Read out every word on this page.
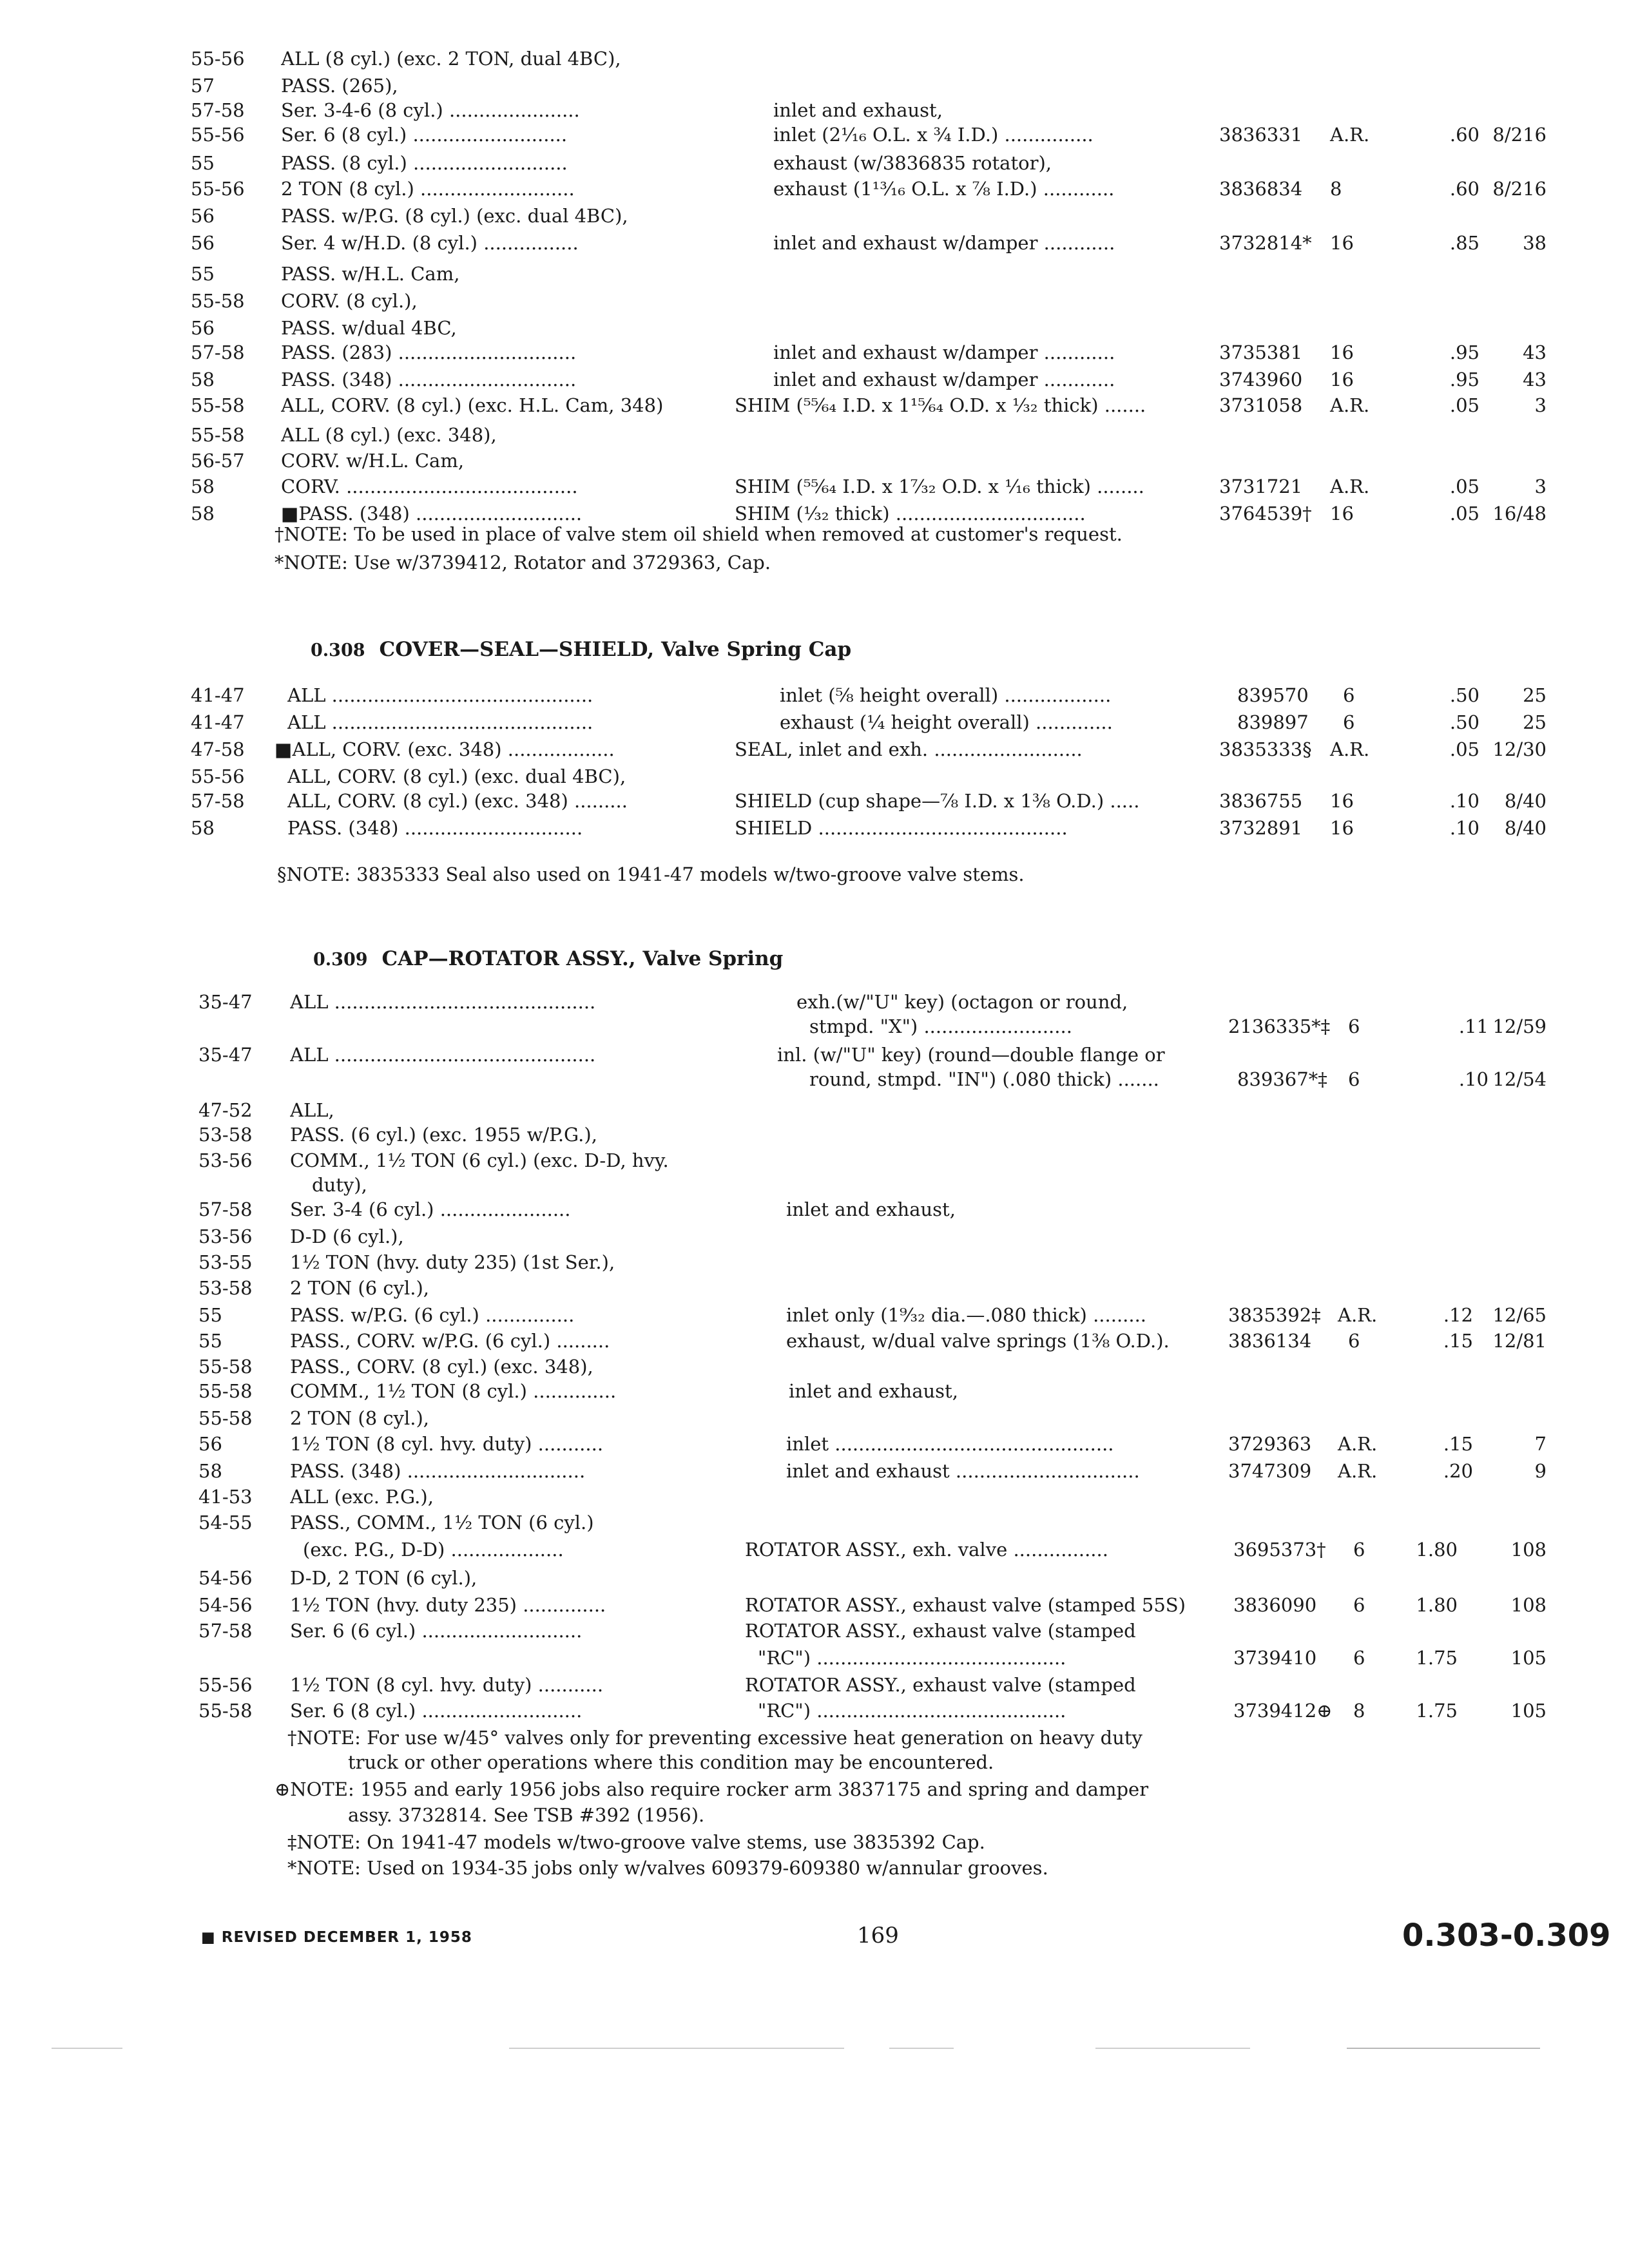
55-56 ALL (8 cyl.) (exc. 2 TON, dual 4BC),
57	PASS. (265),
57-58 Ser. 3-4-6 (8 cyl.) ......................	inlet and exhaust,
55-56 Ser. 6 (8 cyl.) ..........................	inlet (2¹⁄₁₆ O.L. x ¾ I.D.) ...............	3836331 A.R.	.60 8/216
55	PASS. (8 cyl.) ..........................	exhaust (w/3836835 rotator),
55-56 2 TON (8 cyl.) ..........................	exhaust (1¹³⁄₁₆ O.L. x ⅞ I.D.) ............	3836834 8	.60 8/216
56	PASS. w/P.G. (8 cyl.) (exc. dual 4BC),
56	Ser. 4 w/H.D. (8 cyl.) ................	inlet and exhaust w/damper ............	3732814* 16	.85	38
55	PASS. w/H.L. Cam,
55-58 CORV. (8 cyl.),
56	PASS. w/dual 4BC,
57-58 PASS. (283) ..............................	inlet and exhaust w/damper ............	3735381 16	.95	43
58	PASS. (348) ..............................	inlet and exhaust w/damper ............	3743960 16	.95	43
55-58 ALL, CORV. (8 cyl.) (exc. H.L. Cam, 348)	SHIM (⁵⁵⁄₆₄ I.D. x 1¹⁵⁄₆₄ O.D. x ¹⁄₃₂ thick) .......	3731058 A.R.	.05	3
55-58 ALL (8 cyl.) (exc. 348),
56-57 CORV. w/H.L. Cam,
58	CORV. .......................................	SHIM (⁵⁵⁄₆₄ I.D. x 1⁷⁄₃₂ O.D. x ¹⁄₁₆ thick) ........	3731721 A.R.	.05	3
58	■PASS. (348) ............................	SHIM (¹⁄₃₂ thick) ................................	3764539† 16	.05 16/48
†NOTE: To be used in place of valve stem oil shield when removed at customer's request.
*NOTE: Use w/3739412, Rotator and 3729363, Cap.
0.308 COVER—SEAL—SHIELD, Valve Spring Cap
41-47 ALL ............................................	inlet (⅝ height overall) ..................	839570 6	.50	25
41-47 ALL ............................................	exhaust (¼ height overall) .............	839897 6	.50	25
47-58 ■ALL, CORV. (exc. 348) ..................	SEAL, inlet and exh. .........................	3835333§ A.R.	.05 12/30
55-56 ALL, CORV. (8 cyl.) (exc. dual 4BC),
57-58 ALL, CORV. (8 cyl.) (exc. 348) .........	SHIELD (cup shape—⅞ I.D. x 1⅜ O.D.) .....	3836755 16	.10	8/40
58	PASS. (348) ..............................	SHIELD ..........................................	3732891 16	.10	8/40
§NOTE: 3835333 Seal also used on 1941-47 models w/two-groove valve stems.
0.309 CAP—ROTATOR ASSY., Valve Spring
35-47 ALL ............................................	exh.(w/"U" key) (octagon or round,
stmpd. "X") .........................	2136335*‡ 6	.11 12/59
35-47 ALL ............................................	inl. (w/"U" key) (round—double flange or
round, stmpd. "IN") (.080 thick) .......	839367*‡ 6	.10 12/54
47-52 ALL,
53-58 PASS. (6 cyl.) (exc. 1955 w/P.G.),
53-56 COMM., 1½ TON (6 cyl.) (exc. D-D, hvy.
duty),
57-58 Ser. 3-4 (6 cyl.) ......................	inlet and exhaust,
53-56 D-D (6 cyl.),
53-55 1½ TON (hvy. duty 235) (1st Ser.),
53-58 2 TON (6 cyl.),
55	PASS. w/P.G. (6 cyl.) ...............	inlet only (1⁹⁄₃₂ dia.—.080 thick) .........	3835392‡ A.R.	.12	12/65
55	PASS., CORV. w/P.G. (6 cyl.) .........	exhaust, w/dual valve springs (1⅜ O.D.).	3836134 6	.15	12/81
55-58 PASS., CORV. (8 cyl.) (exc. 348),
55-58 COMM., 1½ TON (8 cyl.) ..............	inlet and exhaust,
55-58 2 TON (8 cyl.),
56	1½ TON (8 cyl. hvy. duty) ...........	inlet ...............................................	3729363 A.R.	.15	7
58	PASS. (348) ..............................	inlet and exhaust ...............................	3747309 A.R.	.20	9
41-53 ALL (exc. P.G.),
54-55 PASS., COMM., 1½ TON (6 cyl.)
(exc. P.G., D-D) ...................	ROTATOR ASSY., exh. valve ................	3695373† 6	1.80	108
54-56 D-D, 2 TON (6 cyl.),
54-56 1½ TON (hvy. duty 235) ..............	ROTATOR ASSY., exhaust valve (stamped 55S)	3836090 6	1.80	108
57-58 Ser. 6 (6 cyl.) ...........................	ROTATOR ASSY., exhaust valve (stamped
"RC") ..........................................	3739410 6	1.75	105
55-56 1½ TON (8 cyl. hvy. duty) ...........	ROTATOR ASSY., exhaust valve (stamped
55-58 Ser. 6 (8 cyl.) ...........................	"RC") ..........................................	3739412⊕ 8	1.75	105
†NOTE: For use w/45° valves only for preventing excessive heat generation on heavy duty
truck or other operations where this condition may be encountered.
⊕NOTE: 1955 and early 1956 jobs also require rocker arm 3837175 and spring and damper
assy. 3732814. See TSB #392 (1956).
‡NOTE: On 1941-47 models w/two-groove valve stems, use 3835392 Cap.
*NOTE: Used on 1934-35 jobs only w/valves 609379-609380 w/annular grooves.
■ REVISED DECEMBER 1, 1958	169	0.303-0.309
